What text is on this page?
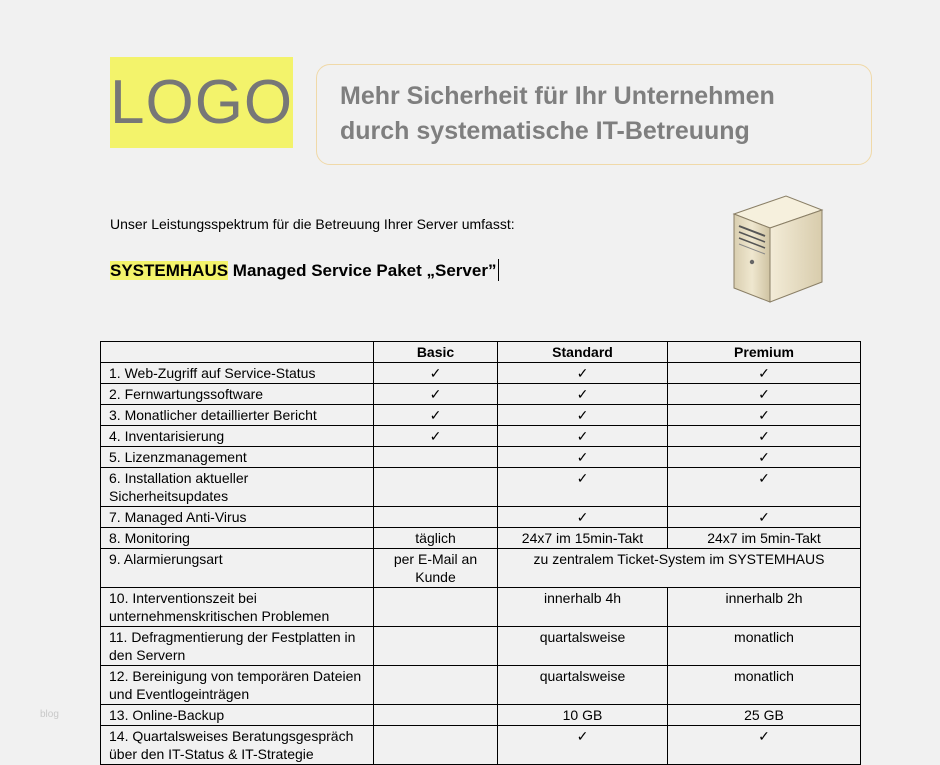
LOGO Mehr Sicherheit für Ihr Unternehmen
durch systematische IT-Betreuung
Unser Leistungsspektrum für die Betreuung Ihrer Server umfasst:
SYSTEMHAUS Managed Service Paket „Server”
	Basic	Standard	Premium
1. Web-Zugriff auf Service-Status	✓	✓	✓
2. Fernwartungssoftware	✓	✓	✓
3. Monatlicher detaillierter Bericht	✓	✓	✓
4. Inventarisierung	✓	✓	✓
5. Lizenzmanagement		✓	✓
6. Installation aktueller Sicherheitsupdates		✓	✓
7. Managed Anti-Virus		✓	✓
8. Monitoring	täglich	24x7 im 15min-Takt	24x7 im 5min-Takt
9. Alarmierungsart	per E-Mail an Kunde	zu zentralem Ticket-System im SYSTEMHAUS	
10. Interventionszeit bei unternehmenskritischen Problemen		innerhalb 4h	innerhalb 2h
11. Defragmentierung der Festplatten in den Servern		quartalsweise	monatlich
12. Bereinigung von temporären Dateien und Eventlogeinträgen		quartalsweise	monatlich
13. Online-Backup		10 GB	25 GB
14. Quartalsweises Beratungsgespräch über den IT-Status & IT-Strategie		✓	✓
blog
